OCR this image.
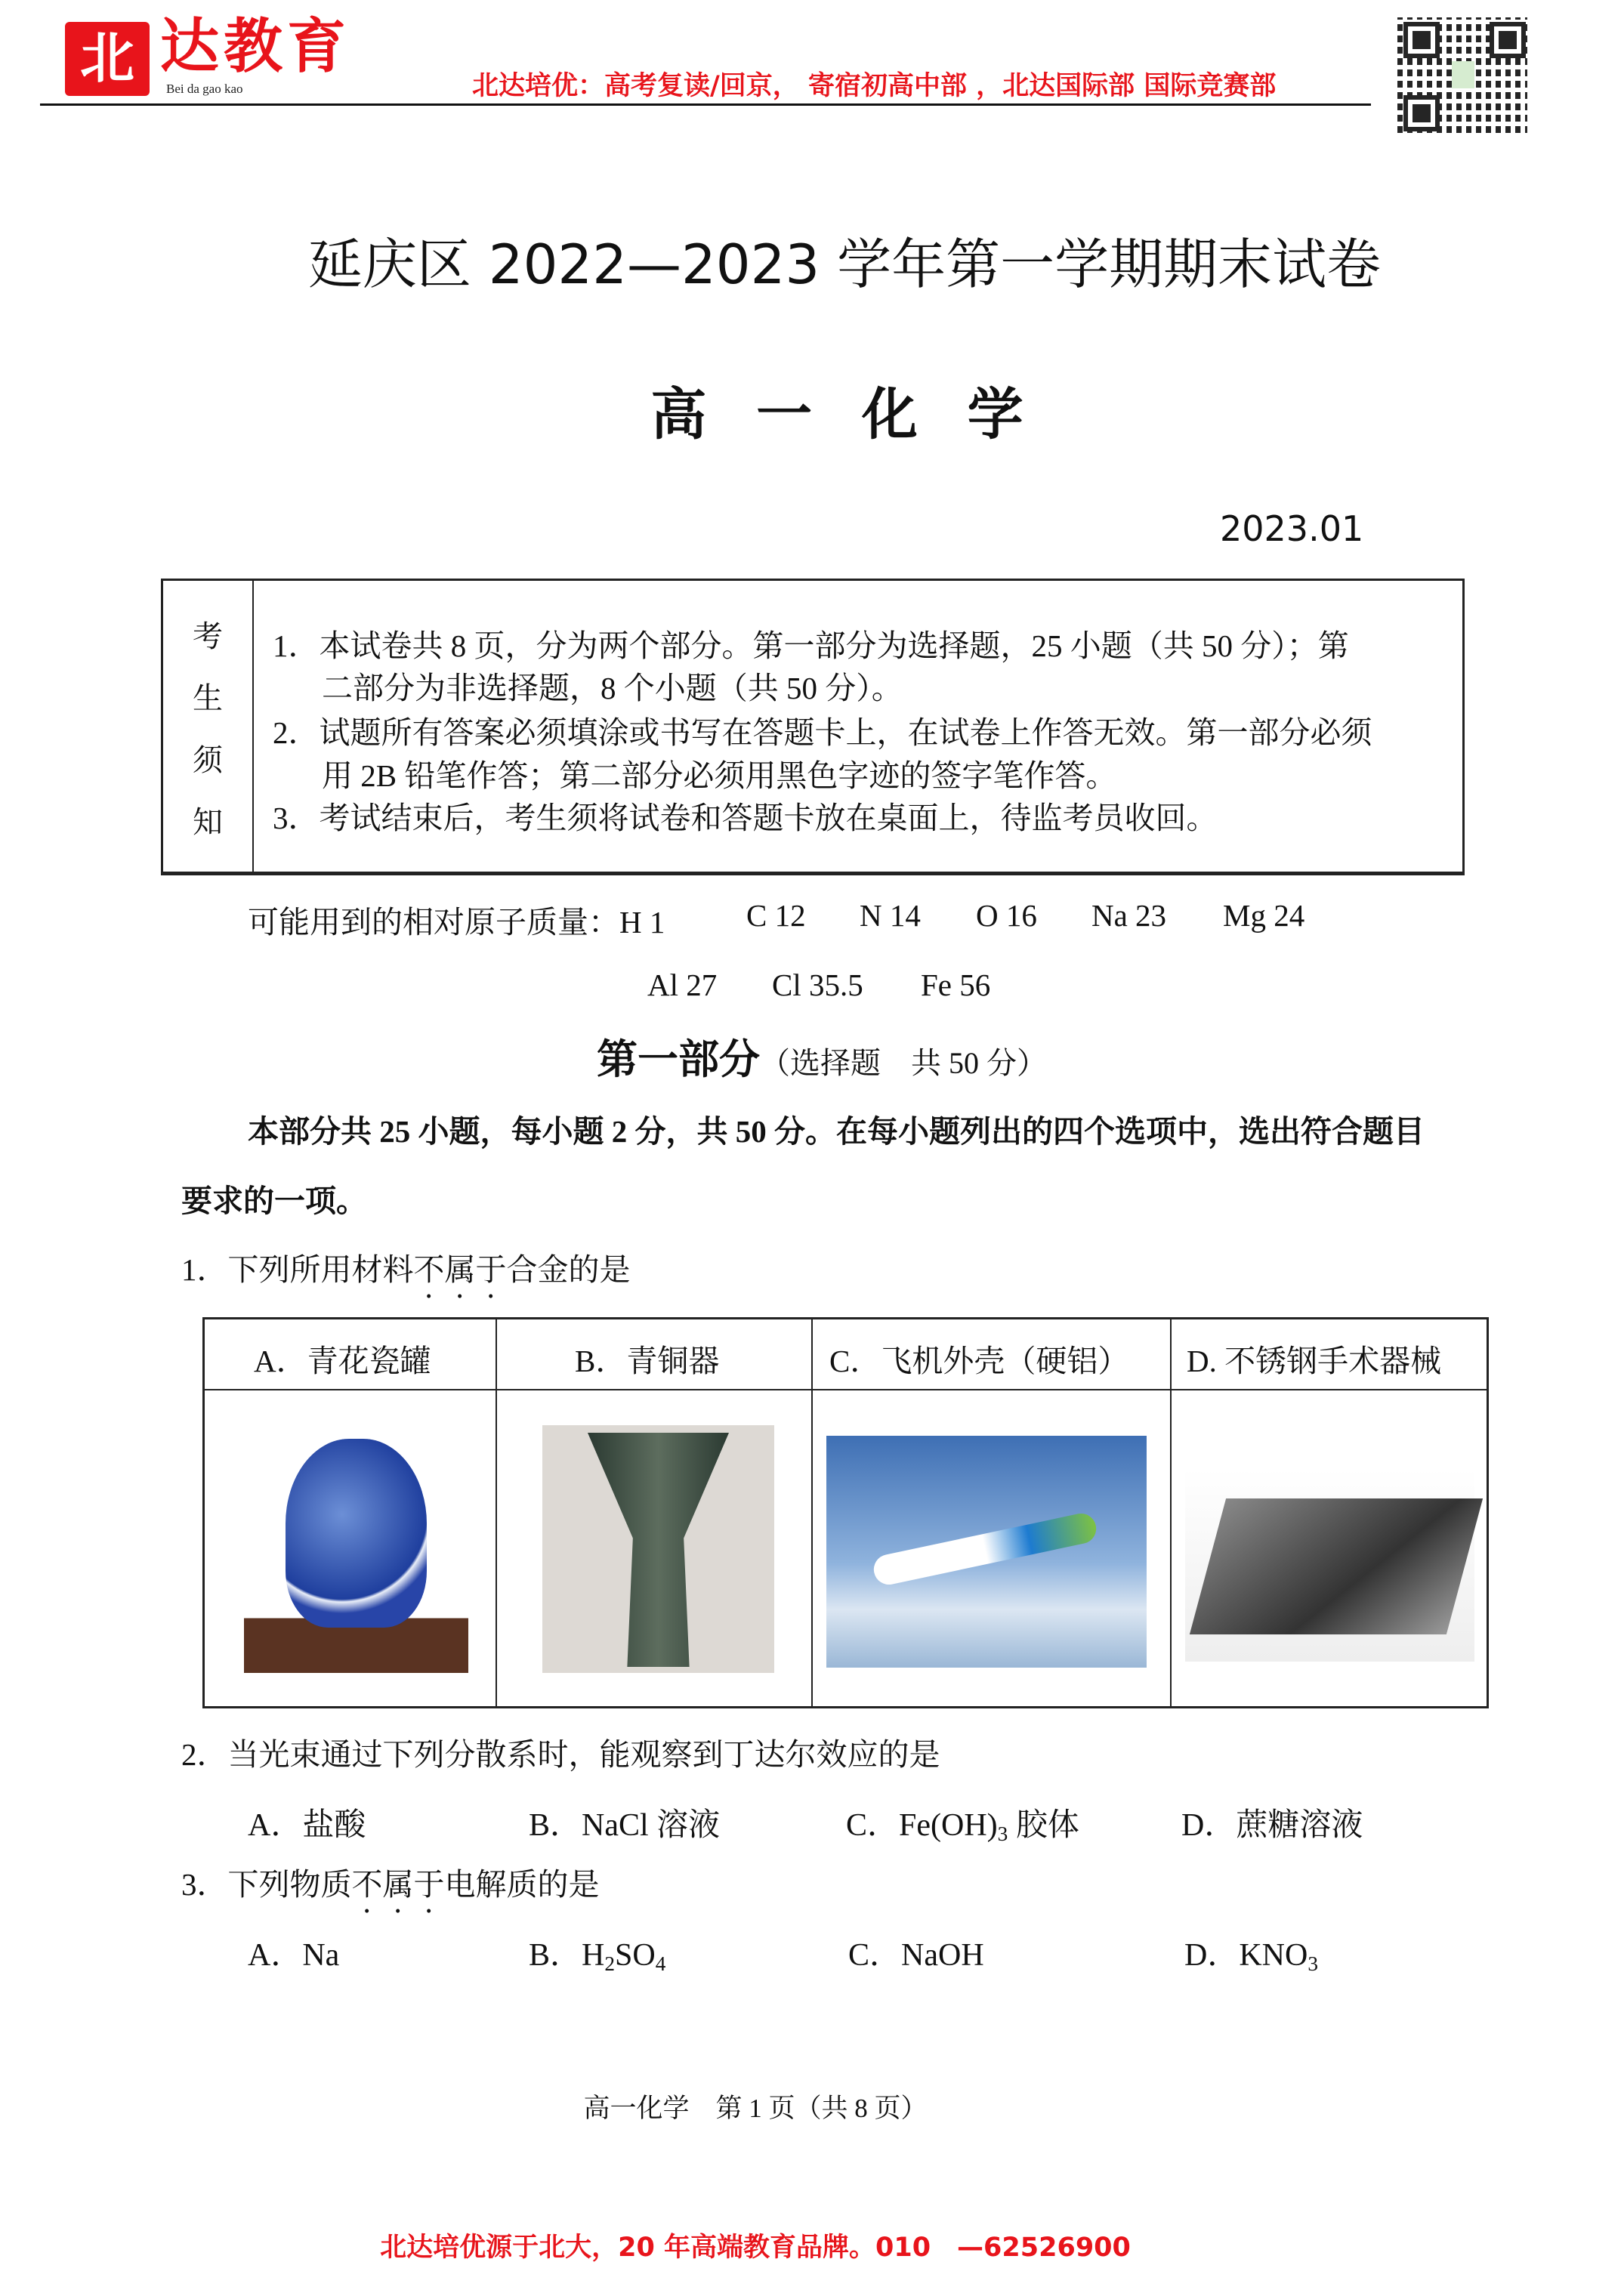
北 达教育
Bei da gao kao	北达培优：高考复读/回京， 寄宿初高中部 ，北达国际部 国际竞赛部
延庆区 2022—2023 学年第一学期期末试卷
高 一 化 学
2023.01
考
生
须
知
1．本试卷共 8 页，分为两个部分。第一部分为选择题，25 小题（共 50 分）；第
二部分为非选择题，8 个小题（共 50 分）。
2．试题所有答案必须填涂或书写在答题卡上，在试卷上作答无效。第一部分必须
用 2B 铅笔作答；第二部分必须用黑色字迹的签字笔作答。
3．考试结束后，考生须将试卷和答题卡放在桌面上，待监考员收回。
可能用到的相对原子质量：H 1	C 12 N 14 O 16 Na 23 Mg 24
Al 27 Cl 35.5 Fe 56
第一部分（选择题　共 50 分）
本部分共 25 小题，每小题 2 分，共 50 分。在每小题列出的四个选项中，选出符合题目
要求的一项。
1．下列所用材料不属于合金的是
A．青花瓷罐	B．青铜器	C．飞机外壳（硬铝） D. 不锈钢手术器械
2．当光束通过下列分散系时，能观察到丁达尔效应的是
A．盐酸	B．NaCl 溶液	C．$Fe(OH)_3$ 胶体	D．蔗糖溶液
3．下列物质不属于电解质的是
A．Na	B．$H_2SO_4$	C．NaOH	D．$KNO_3$
高一化学　第 1 页（共 8 页）
北达培优源于北大，20 年高端教育品牌。010　—62526900
